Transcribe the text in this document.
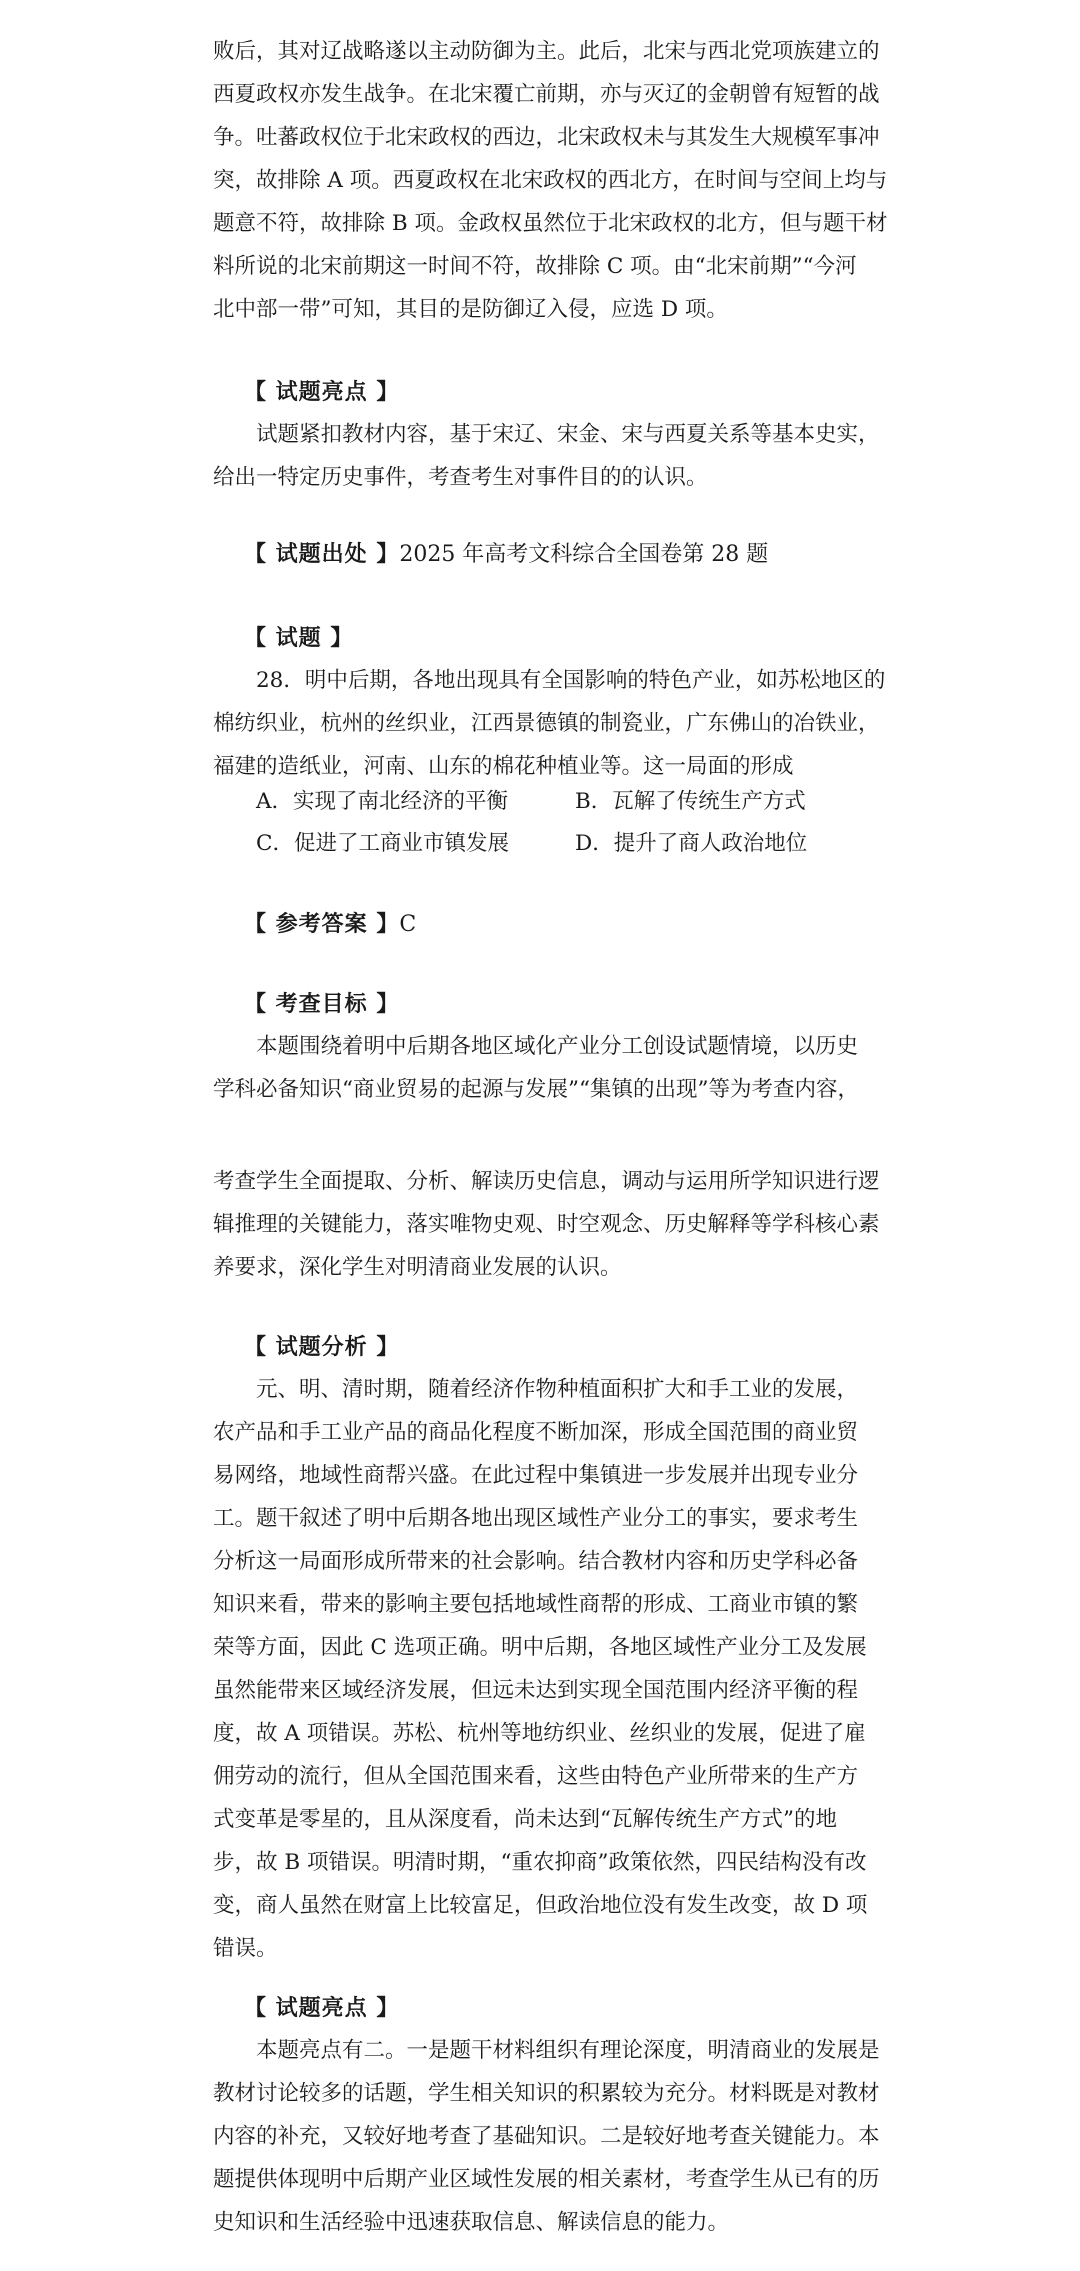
败后，其对辽战略遂以主动防御为主。此后，北宋与西北党项族建立的

西夏政权亦发生战争。在北宋覆亡前期，亦与灭辽的金朝曾有短暂的战

争。吐蕃政权位于北宋政权的西边，北宋政权未与其发生大规模军事冲

突，故排除 A 项。西夏政权在北宋政权的西北方，在时间与空间上均与

题意不符，故排除 B 项。金政权虽然位于北宋政权的北方，但与题干材

料所说的北宋前期这一时间不符，故排除 C 项。由“北宋前期”“今河

北中部一带”可知，其目的是防御辽入侵，应选 D 项。

【 试题亮点 】

试题紧扣教材内容，基于宋辽、宋金、宋与西夏关系等基本史实，

给出一特定历史事件，考查考生对事件目的的认识。

【 试题出处 】2025 年高考文科综合全国卷第 28 题
【 试题 】

28．明中后期，各地出现具有全国影响的特色产业，如苏松地区的

棉纺织业，杭州的丝织业，江西景德镇的制瓷业，广东佛山的冶铁业，

福建的造纸业，河南、山东的棉花种植业等。这一局面的形成

A．实现了南北经济的平衡	B．瓦解了传统生产方式
C．促进了工商业市镇发展	D．提升了商人政治地位
【 参考答案 】C
【 考查目标 】

本题围绕着明中后期各地区域化产业分工创设试题情境，以历史

学科必备知识“商业贸易的起源与发展”“集镇的出现”等为考查内容，

考查学生全面提取、分析、解读历史信息，调动与运用所学知识进行逻

辑推理的关键能力，落实唯物史观、时空观念、历史解释等学科核心素

养要求，深化学生对明清商业发展的认识。

【 试题分析 】

元、明、清时期，随着经济作物种植面积扩大和手工业的发展，

农产品和手工业产品的商品化程度不断加深，形成全国范围的商业贸

易网络，地域性商帮兴盛。在此过程中集镇进一步发展并出现专业分

工。题干叙述了明中后期各地出现区域性产业分工的事实，要求考生

分析这一局面形成所带来的社会影响。结合教材内容和历史学科必备

知识来看，带来的影响主要包括地域性商帮的形成、工商业市镇的繁

荣等方面，因此 C 选项正确。明中后期，各地区域性产业分工及发展

虽然能带来区域经济发展，但远未达到实现全国范围内经济平衡的程

度，故 A 项错误。苏松、杭州等地纺织业、丝织业的发展，促进了雇

佣劳动的流行，但从全国范围来看，这些由特色产业所带来的生产方

式变革是零星的，且从深度看，尚未达到“瓦解传统生产方式”的地

步，故 B 项错误。明清时期，“重农抑商”政策依然，四民结构没有改

变，商人虽然在财富上比较富足，但政治地位没有发生改变，故 D 项

错误。

【 试题亮点 】

本题亮点有二。一是题干材料组织有理论深度，明清商业的发展是

教材讨论较多的话题，学生相关知识的积累较为充分。材料既是对教材

内容的补充，又较好地考查了基础知识。二是较好地考查关键能力。本

题提供体现明中后期产业区域性发展的相关素材，考查学生从已有的历

史知识和生活经验中迅速获取信息、解读信息的能力。
